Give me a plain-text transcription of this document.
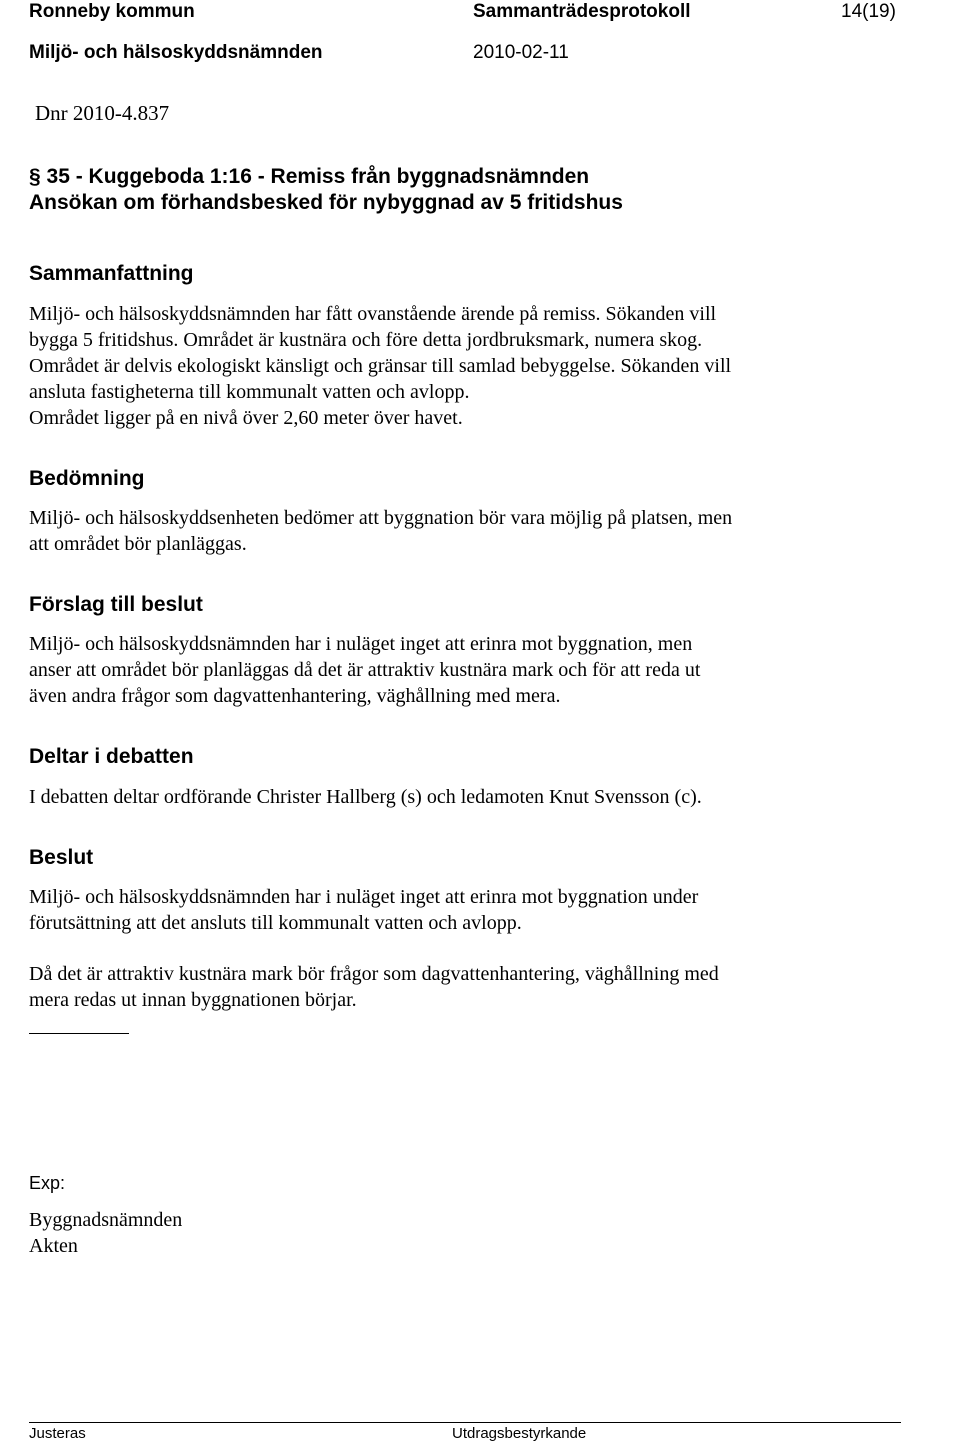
Ronneby kommun	Sammanträdesprotokoll	14(19)
Miljö- och hälsoskyddsnämnden	2010-02-11
Dnr 2010-4.837
§ 35 - Kuggeboda 1:16 - Remiss från byggnadsnämnden
Ansökan om förhandsbesked för nybyggnad av 5 fritidshus
Sammanfattning

Miljö- och hälsoskyddsnämnden har fått ovanstående ärende på remiss. Sökanden vill

bygga 5 fritidshus. Området är kustnära och före detta jordbruksmark, numera skog.

Området är delvis ekologiskt känsligt och gränsar till samlad bebyggelse. Sökanden vill

ansluta fastigheterna till kommunalt vatten och avlopp.

Området ligger på en nivå över 2,60 meter över havet.

Bedömning

Miljö- och hälsoskyddsenheten bedömer att byggnation bör vara möjlig på platsen, men

att området bör planläggas.

Förslag till beslut

Miljö- och hälsoskyddsnämnden har i nuläget inget att erinra mot byggnation, men

anser att området bör planläggas då det är attraktiv kustnära mark och för att reda ut

även andra frågor som dagvattenhantering, väghållning med mera.

Deltar i debatten

I debatten deltar ordförande Christer Hallberg (s) och ledamoten Knut Svensson (c).

Beslut

Miljö- och hälsoskyddsnämnden har i nuläget inget att erinra mot byggnation under

förutsättning att det ansluts till kommunalt vatten och avlopp.

Då det är attraktiv kustnära mark bör frågor som dagvattenhantering, väghållning med

mera redas ut innan byggnationen börjar.

Exp:

Byggnadsnämnden

Akten

Justeras	Utdragsbestyrkande
